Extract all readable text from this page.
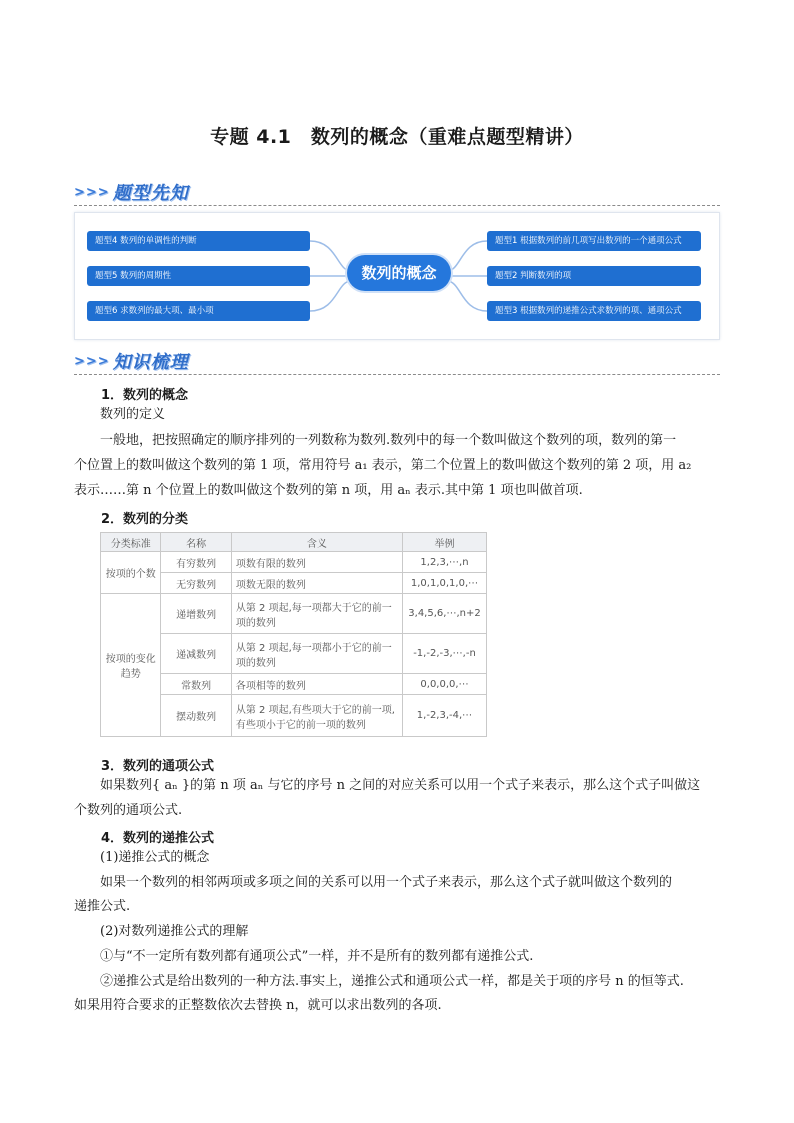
专题 4.1　数列的概念（重难点题型精讲）
>>> 题型先知
题型4 数列的单调性的判断
题型5 数列的周期性
题型6 求数列的最大项、最小项
数列的概念
题型1 根据数列的前几项写出数列的一个通项公式
题型2 判断数列的项
题型3 根据数列的递推公式求数列的项、通项公式
>>> 知识梳理
1．数列的概念
数列的定义
一般地，把按照确定的顺序排列的一列数称为数列.数列中的每一个数叫做这个数列的项，数列的第一
个位置上的数叫做这个数列的第 1 项，常用符号 a₁ 表示，第二个位置上的数叫做这个数列的第 2 项，用 a₂
表示……第 n 个位置上的数叫做这个数列的第 n 项，用 aₙ 表示.其中第 1 项也叫做首项.
2．数列的分类
分类标准	名称	含义	举例
按项的个数	有穷数列	项数有限的数列	1,2,3,⋯,n
	无穷数列	项数无限的数列	1,0,1,0,1,0,⋯
按项的变化趋势	递增数列	从第 2 项起,每一项都大于它的前一项的数列	3,4,5,6,⋯,n+2
	递减数列	从第 2 项起,每一项都小于它的前一项的数列	-1,-2,-3,⋯,-n
	常数列	各项相等的数列	0,0,0,0,⋯
	摆动数列	从第 2 项起,有些项大于它的前一项,有些项小于它的前一项的数列	1,-2,3,-4,⋯
3．数列的通项公式
如果数列{ aₙ }的第 n 项 aₙ 与它的序号 n 之间的对应关系可以用一个式子来表示，那么这个式子叫做这
个数列的通项公式.
4．数列的递推公式
(1)递推公式的概念
如果一个数列的相邻两项或多项之间的关系可以用一个式子来表示，那么这个式子就叫做这个数列的
递推公式.
(2)对数列递推公式的理解
①与“不一定所有数列都有通项公式”一样，并不是所有的数列都有递推公式.
②递推公式是给出数列的一种方法.事实上，递推公式和通项公式一样，都是关于项的序号 n 的恒等式.
如果用符合要求的正整数依次去替换 n，就可以求出数列的各项.
